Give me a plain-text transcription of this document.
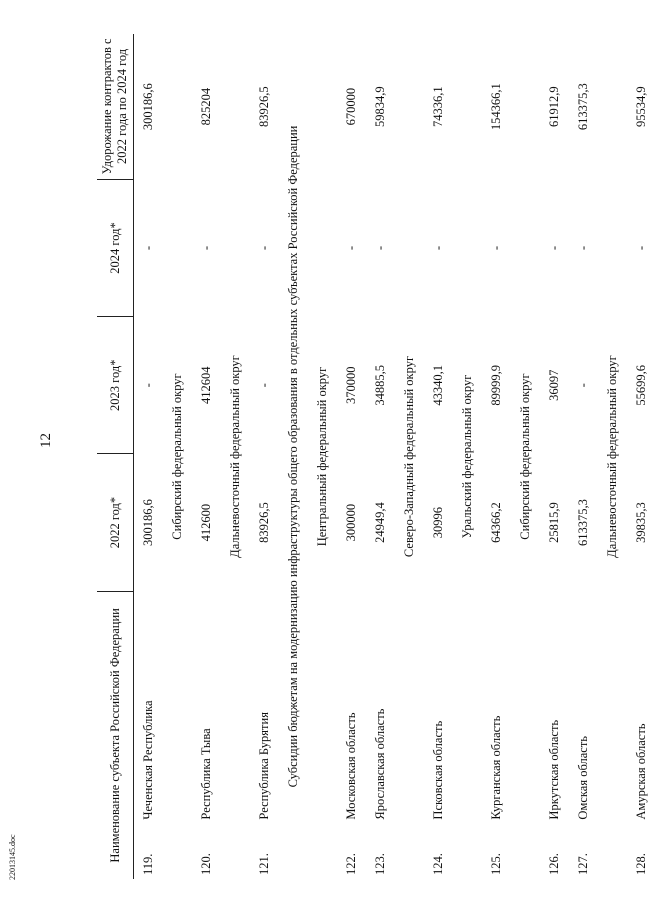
12
22013145.doc	Наименование субъекта Российской Федерации		2022 год*	2023 год*	2024 год*	Удорожание контрактов с 2022 года по 2024 год
119.	Чеченская Республика	300186,6	-	-	300186,6
Сибирский федеральный округ					
120.	Республика Тыва	412600	412604	-	825204
Дальневосточный федеральный округ					
121.	Республика Бурятия	83926,5	-	-	83926,5
Субсидии бюджетам на модернизацию инфраструктуры общего образования в отдельных субъектах Российской Федерации					
Центральный федеральный округ					
122.	Московская область	300000	370000	-	670000
123.	Ярославская область	24949,4	34885,5	-	59834,9
Северо-Западный федеральный округ					
124.	Псковская область	30996	43340,1	-	74336,1
Уральский федеральный округ					
125.	Курганская область	64366,2	89999,9	-	154366,1
Сибирский федеральный округ					
126.	Иркутская область	25815,9	36097	-	61912,9
127.	Омская область	613375,3	-	-	613375,3
Дальневосточный федеральный округ					
128.	Амурская область	39835,3	55699,6	-	95534,9
